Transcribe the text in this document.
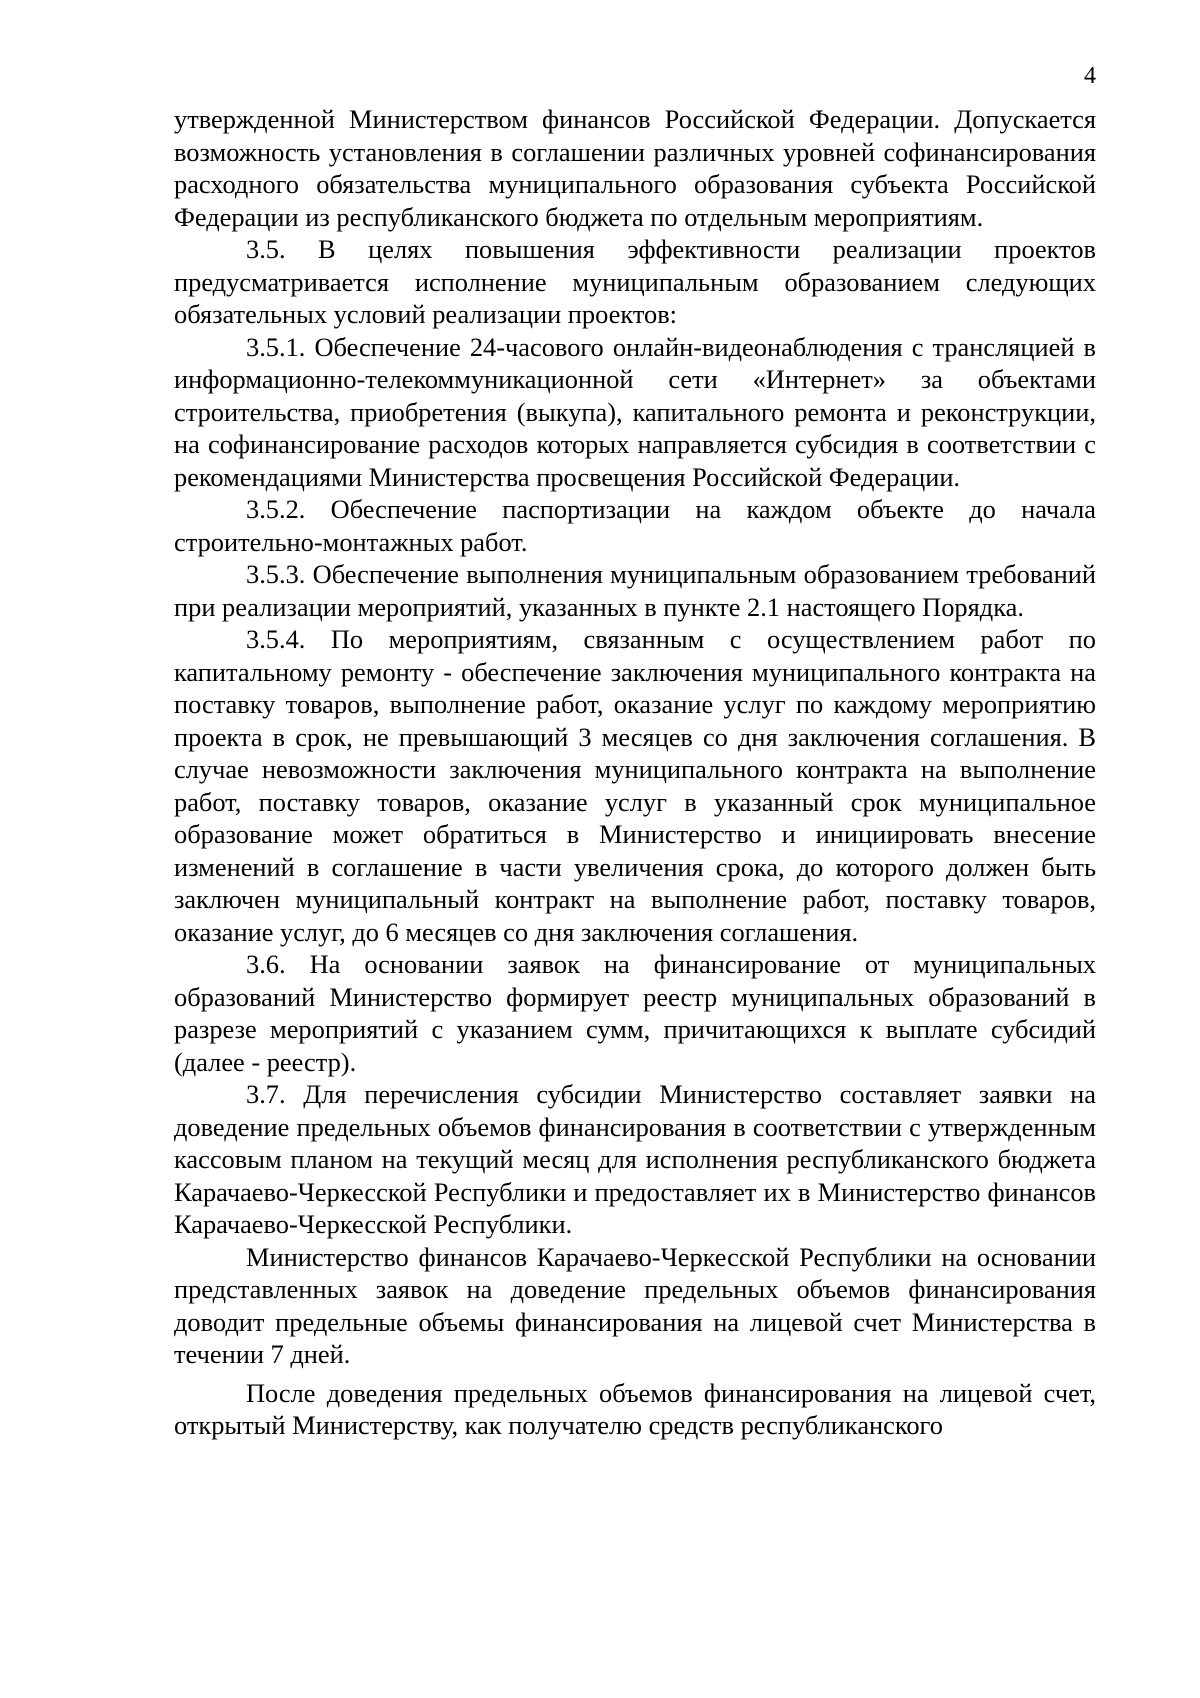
4

утвержденной Министерством финансов Российской Федерации. Допускается возможность установления в соглашении различных уровней софинансирования расходного обязательства муниципального образования субъекта Российской Федерации из республиканского бюджета по отдельным мероприятиям.

3.5. В целях повышения эффективности реализации проектов предусматривается исполнение муниципальным образованием следующих обязательных условий реализации проектов:

3.5.1. Обеспечение 24-часового онлайн-видеонаблюдения с трансляцией в информационно-телекоммуникационной сети «Интернет» за объектами строительства, приобретения (выкупа), капитального ремонта и реконструкции, на софинансирование расходов которых направляется субсидия в соответствии с рекомендациями Министерства просвещения Российской Федерации.

3.5.2. Обеспечение паспортизации на каждом объекте до начала строительно-монтажных работ.

3.5.3. Обеспечение выполнения муниципальным образованием требований при реализации мероприятий, указанных в пункте 2.1 настоящего Порядка.

3.5.4. По мероприятиям, связанным с осуществлением работ по капитальному ремонту - обеспечение заключения муниципального контракта на поставку товаров, выполнение работ, оказание услуг по каждому мероприятию проекта в срок, не превышающий 3 месяцев со дня заключения соглашения. В случае невозможности заключения муниципального контракта на выполнение работ, поставку товаров, оказание услуг в указанный срок муниципальное образование может обратиться в Министерство и инициировать внесение изменений в соглашение в части увеличения срока, до которого должен быть заключен муниципальный контракт на выполнение работ, поставку товаров, оказание услуг, до 6 месяцев со дня заключения соглашения.

3.6. На основании заявок на финансирование от муниципальных образований Министерство формирует реестр муниципальных образований в разрезе мероприятий с указанием сумм, причитающихся к выплате субсидий (далее - реестр).

3.7. Для перечисления субсидии Министерство составляет заявки на доведение предельных объемов финансирования в соответствии с утвержденным кассовым планом на текущий месяц для исполнения республиканского бюджета Карачаево-Черкесской Республики и предоставляет их в Министерство финансов Карачаево-Черкесской Республики.

Министерство финансов Карачаево-Черкесской Республики на основании представленных заявок на доведение предельных объемов финансирования доводит предельные объемы финансирования на лицевой счет Министерства в течении 7 дней.

После доведения предельных объемов финансирования на лицевой счет, открытый Министерству, как получателю средств республиканского
